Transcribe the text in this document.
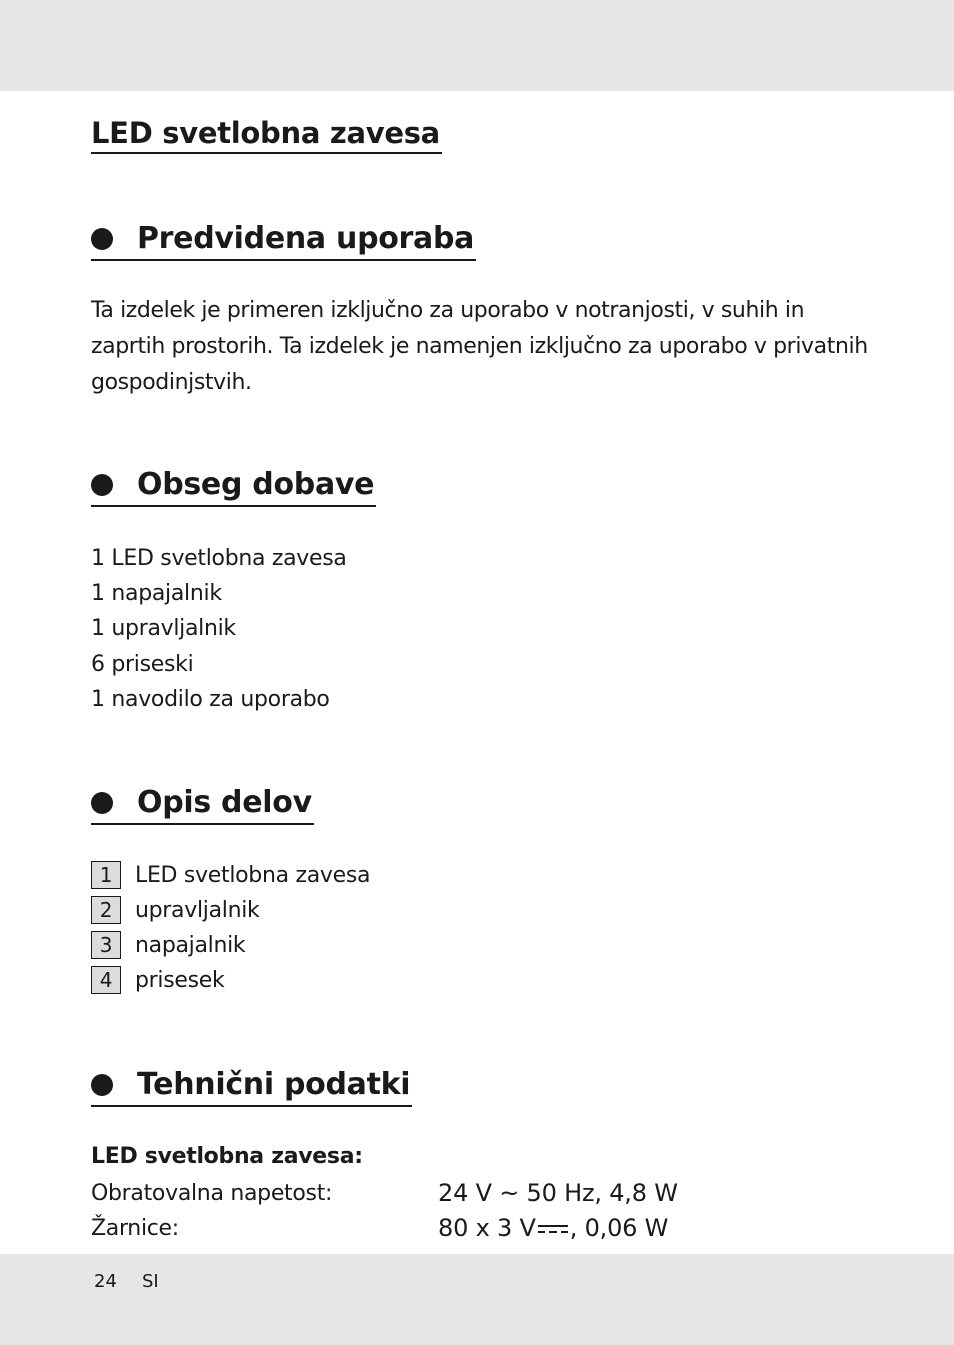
LED svetlobna zavesa
Predvidena uporaba
Ta izdelek je primeren izključno za uporabo v notranjosti, v suhih in
zaprtih prostorih. Ta izdelek je namenjen izključno za uporabo v privatnih
gospodinjstvih.
Obseg dobave
1 LED svetlobna zavesa
1 napajalnik
1 upravljalnik
6 priseski
1 navodilo za uporabo
Opis delov
1	LED svetlobna zavesa
2	upravljalnik
3	napajalnik
4	prisesek
Tehnični podatki
LED svetlobna zavesa:
Obratovalna napetost:	24 V ~ 50 Hz, 4,8 W
Žarnice:	80 x 3 V , 0,06 W
24 SI
